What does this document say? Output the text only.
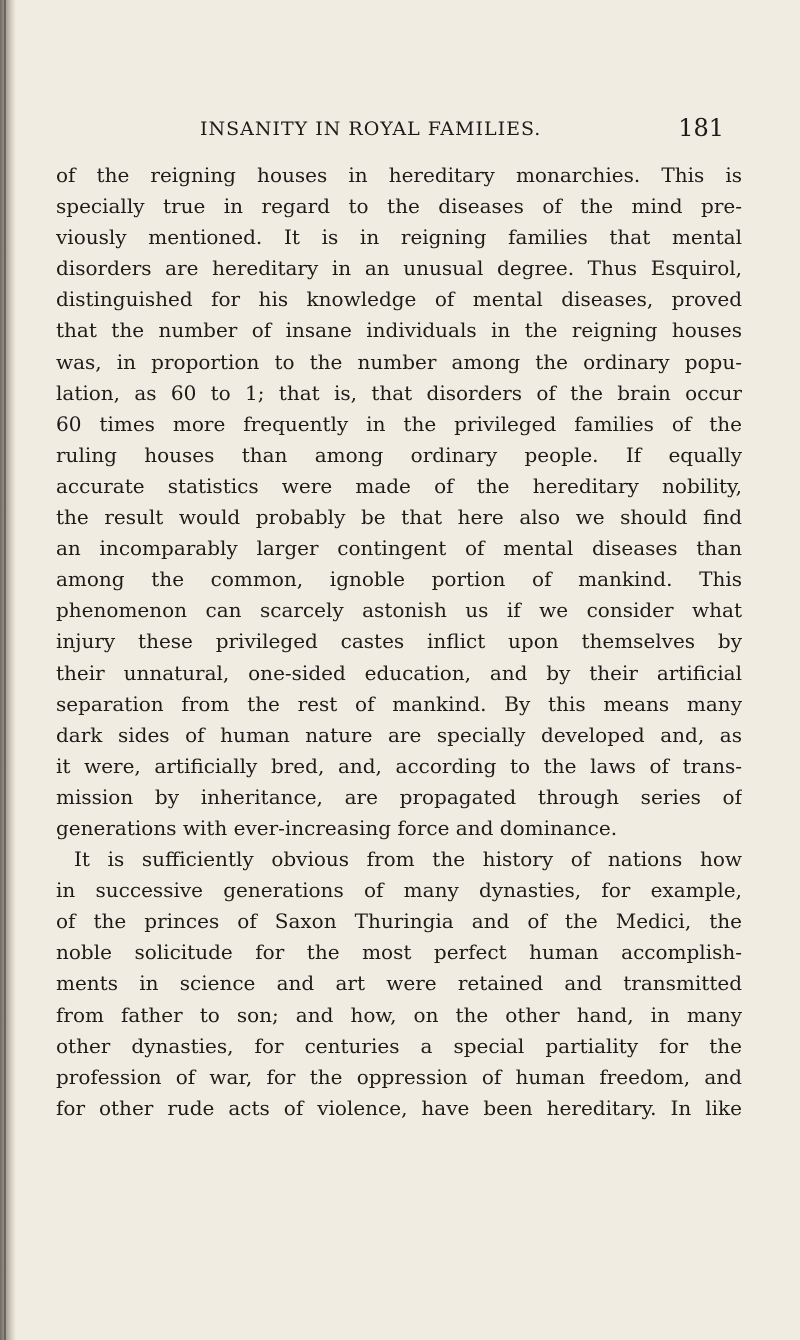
INSANITY IN ROYAL FAMILIES.	181
of the reigning houses in hereditary monarchies. This is
specially true in regard to the diseases of the mind pre-
viously mentioned. It is in reigning families that mental
disorders are hereditary in an unusual degree. Thus Esquirol,
distinguished for his knowledge of mental diseases, proved
that the number of insane individuals in the reigning houses
was, in proportion to the number among the ordinary popu-
lation, as 60 to 1; that is, that disorders of the brain occur
60 times more frequently in the privileged families of the
ruling houses than among ordinary people. If equally
accurate statistics were made of the hereditary nobility,
the result would probably be that here also we should find
an incomparably larger contingent of mental diseases than
among the common, ignoble portion of mankind. This
phenomenon can scarcely astonish us if we consider what
injury these privileged castes inflict upon themselves by
their unnatural, one-sided education, and by their artificial
separation from the rest of mankind. By this means many
dark sides of human nature are specially developed and, as
it were, artificially bred, and, according to the laws of trans-
mission by inheritance, are propagated through series of
generations with ever-increasing force and dominance.
It is sufficiently obvious from the history of nations how
in successive generations of many dynasties, for example,
of the princes of Saxon Thuringia and of the Medici, the
noble solicitude for the most perfect human accomplish-
ments in science and art were retained and transmitted
from father to son; and how, on the other hand, in many
other dynasties, for centuries a special partiality for the
profession of war, for the oppression of human freedom, and
for other rude acts of violence, have been hereditary. In like
